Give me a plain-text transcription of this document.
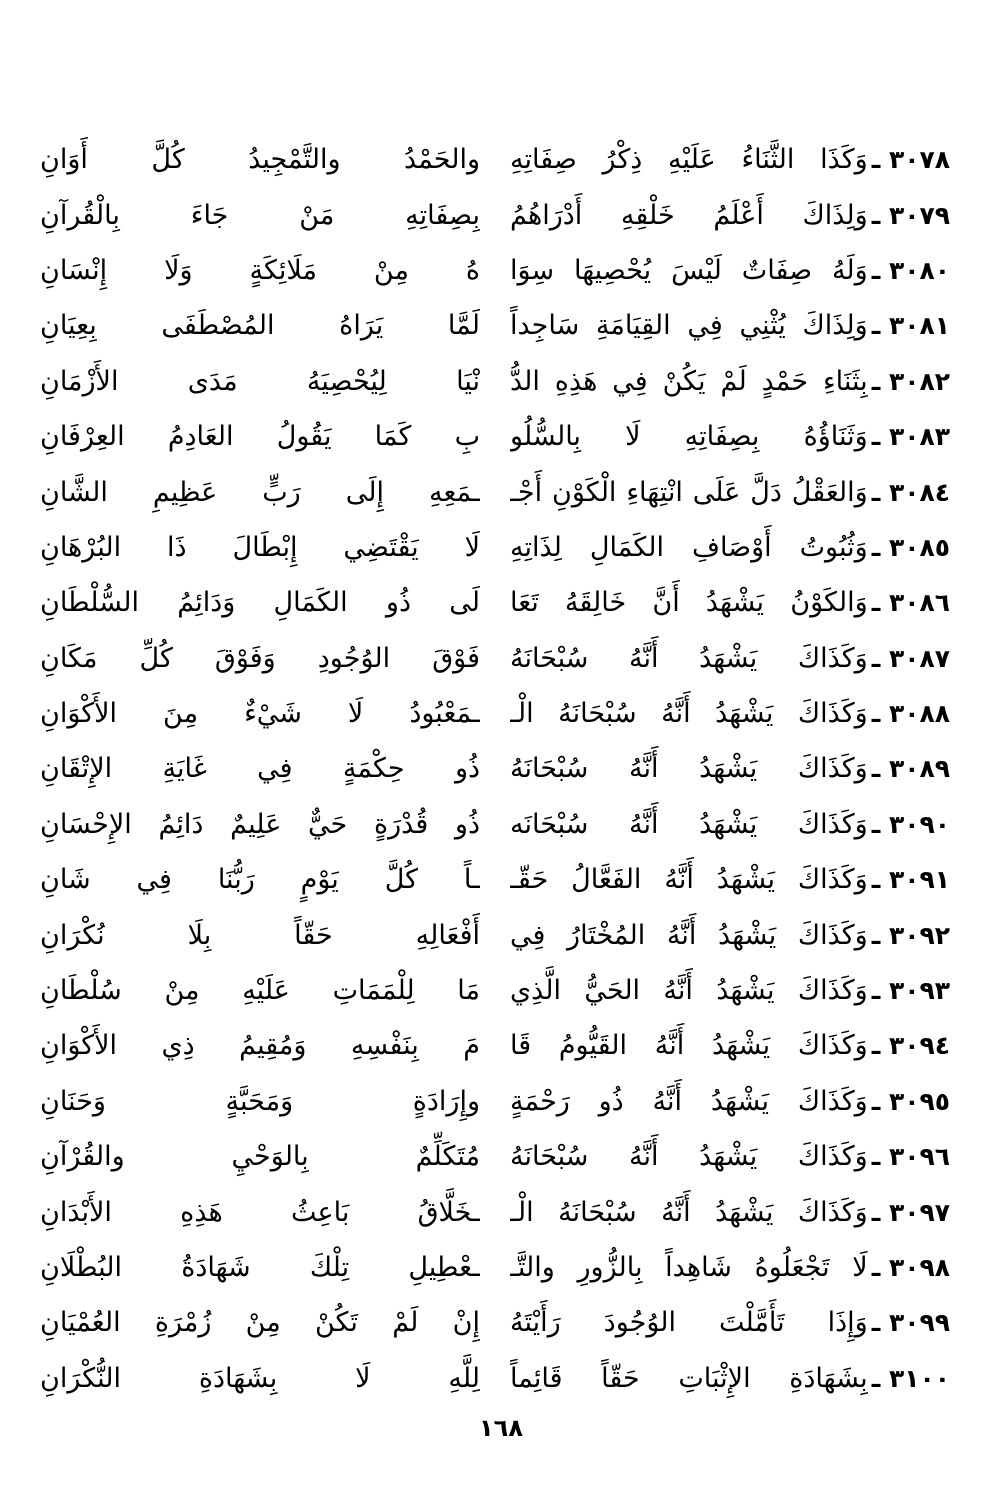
والحَمْدُ والتَّمْجِيدُ كُلَّ أَوَانِ وَكَذَا الثَّنَاءُ عَلَيْهِ ذِكْرُ صِفَاتِهِ ٣٠٧٨ ـ
بِصِفَاتِهِ مَنْ جَاءَ بِالْقُرآنِ وَلِذَاكَ أَعْلَمُ خَلْقِهِ أَدْرَاهُمُ ٣٠٧٩ ـ
هُ مِنْ مَلَائِكَةٍ وَلَا إِنْسَانِ وَلَهُ صِفَاتٌ لَيْسَ يُحْصِيهَا سِوَا ٣٠٨٠ ـ
لَمَّا يَرَاهُ المُصْطَفَى بِعِيَانِ وَلِذَاكَ يُثْنِي فِي القِيَامَةِ سَاجِداً ٣٠٨١ ـ
نْيَا لِيُحْصِيَهُ مَدَى الأَزْمَانِ بِثَنَاءِ حَمْدٍ لَمْ يَكُنْ فِي هَذِهِ الدُّ ٣٠٨٢ ـ
بِ كَمَا يَقُولُ العَادِمُ العِرْفَانِ وَثَنَاؤُهُ بِصِفَاتِهِ لَا بِالسُّلُو ٣٠٨٣ ـ
ـمَعِهِ إِلَى رَبٍّ عَظِيمِ الشَّانِ وَالعَقْلُ دَلَّ عَلَى انْتِهَاءِ الْكَوْنِ أَجْـ ٣٠٨٤ ـ
لَا يَقْتَضِي إِبْطَالَ ذَا البُرْهَانِ وَثُبُوتُ أَوْصَافِ الكَمَالِ لِذَاتِهِ ٣٠٨٥ ـ
لَى ذُو الكَمَالِ وَدَائِمُ السُّلْطَانِ وَالكَوْنُ يَشْهَدُ أَنَّ خَالِقَهُ تَعَا ٣٠٨٦ ـ
فَوْقَ الوُجُودِ وَفَوْقَ كُلِّ مَكَانِ وَكَذَاكَ يَشْهَدُ أَنَّهُ سُبْحَانَهُ ٣٠٨٧ ـ
ـمَعْبُودُ لَا شَيْءٌ مِنَ الأَكْوَانِ وَكَذَاكَ يَشْهَدُ أَنَّهُ سُبْحَانَهُ الْـ ٣٠٨٨ ـ
ذُو حِكْمَةٍ فِي غَايَةِ الإِتْقَانِ وَكَذَاكَ يَشْهَدُ أَنَّهُ سُبْحَانَهُ ٣٠٨٩ ـ
ذُو قُدْرَةٍ حَيٌّ عَلِيمٌ دَائِمُ الإِحْسَانِ وَكَذَاكَ يَشْهَدُ أَنَّهُ سُبْحَانَه ٣٠٩٠ ـ
ـاً كُلَّ يَوْمٍ رَبُّنَا فِي شَانِ وَكَذَاكَ يَشْهَدُ أَنَّهُ الفَعَّالُ حَقّـ ٣٠٩١ ـ
أَفْعَالِهِ حَقّاً بِلَا نُكْرَانِ وَكَذَاكَ يَشْهَدُ أَنَّهُ المُخْتَارُ فِي ٣٠٩٢ ـ
مَا لِلْمَمَاتِ عَلَيْهِ مِنْ سُلْطَانِ وَكَذَاكَ يَشْهَدُ أَنَّهُ الحَيُّ الَّذِي ٣٠٩٣ ـ
مَ بِنَفْسِهِ وَمُقِيمُ ذِي الأَكْوَانِ وَكَذَاكَ يَشْهَدُ أَنَّهُ القَيُّومُ قَا ٣٠٩٤ ـ
وإِرَادَةٍ وَمَحَبَّةٍ وَحَنَانِ وَكَذَاكَ يَشْهَدُ أَنَّهُ ذُو رَحْمَةٍ ٣٠٩٥ ـ
مُتَكَلِّمٌ بِالوَحْيِ والقُرْآنِ وَكَذَاكَ يَشْهَدُ أَنَّهُ سُبْحَانَهُ ٣٠٩٦ ـ
ـخَلَّاقُ بَاعِثُ هَذِهِ الأَبْدَانِ وَكَذَاكَ يَشْهَدُ أَنَّهُ سُبْحَانَهُ الْـ ٣٠٩٧ ـ
ـعْطِيلِ تِلْكَ شَهَادَةُ البُطْلَانِ لَا تَجْعَلُوهُ شَاهِداً بِالزُّورِ والتَّـ ٣٠٩٨ ـ
إِنْ لَمْ تَكُنْ مِنْ زُمْرَةِ العُمْيَانِ وَإِذَا تَأَمَّلْتَ الوُجُودَ رَأَيْتَهُ ٣٠٩٩ ـ
لِلَّهِ لَا بِشَهَادَةِ النُّكْرَانِ بِشَهَادَةِ الإِثْبَاتِ حَقّاً قَائِماً ٣١٠٠ ـ
١٦٨
